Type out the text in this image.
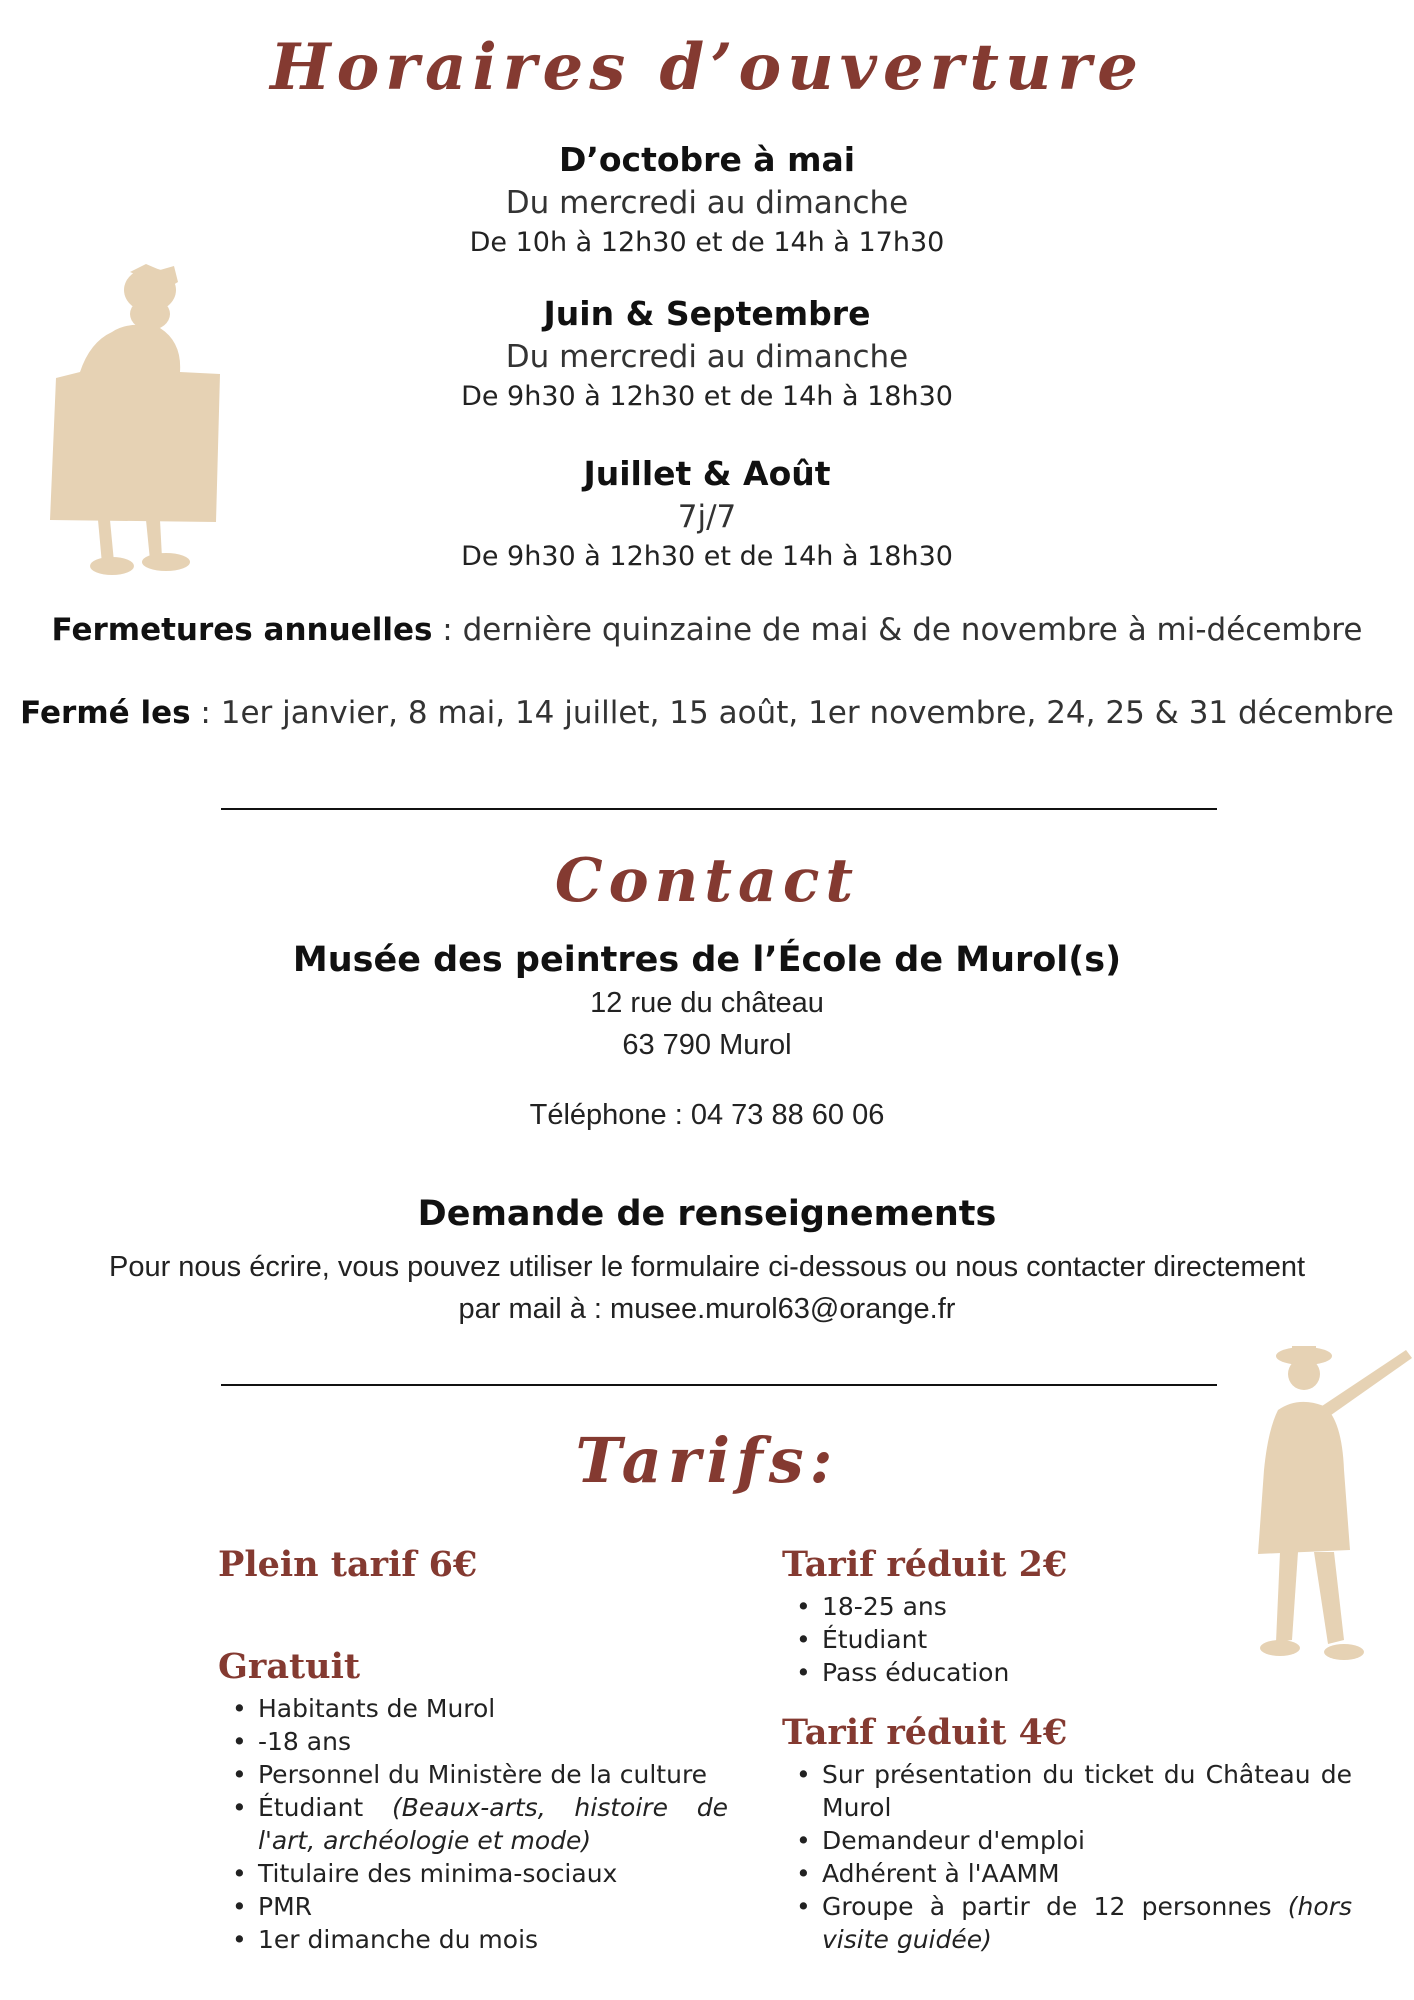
Horaires d’ouverture

D’octobre à mai

Du mercredi au dimanche

De 10h à 12h30 et de 14h à 17h30

Juin & Septembre

Du mercredi au dimanche

De 9h30 à 12h30 et de 14h à 18h30

Juillet & Août

7j/7

De 9h30 à 12h30 et de 14h à 18h30

Fermetures annuelles : dernière quinzaine de mai & de novembre à mi-décembre
Fermé les : 1er janvier, 8 mai, 14 juillet, 15 août, 1er novembre, 24, 25 & 31 décembre
Contact
Musée des peintres de l’École de Murol(s)
12 rue du château
63 790 Murol
Téléphone : 04 73 88 60 06
Demande de renseignements
Pour nous écrire, vous pouvez utiliser le formulaire ci-dessous ou nous contacter directement
par mail à : musee.murol63@orange.fr
Tarifs:

Plein tarif 6€

Gratuit

• Habitants de Murol
• -18 ans
• Personnel du Ministère de la culture
• Étudiant (Beaux-arts, histoire de l'art, archéologie et mode)
• Titulaire des minima-sociaux
• PMR
• 1er dimanche du mois

Tarif réduit 2€

• 18-25 ans
• Étudiant
• Pass éducation

Tarif réduit 4€

• Sur présentation du ticket du Château de Murol
• Demandeur d'emploi
• Adhérent à l'AAMM
• Groupe à partir de 12 personnes (hors visite guidée)
